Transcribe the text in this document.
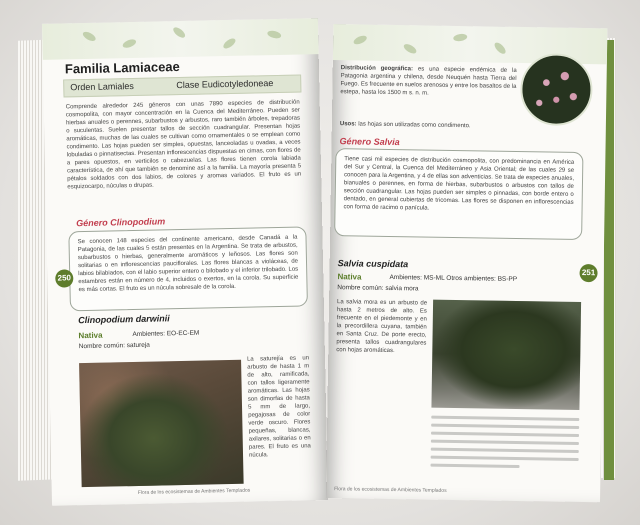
Familia Lamiaceae
Orden Lamiales	Clase Eudicotyledoneae
Comprende alrededor 245 géneros con unas 7890 especies de distribución cosmopolita, con mayor concentración en la Cuenca del Mediterráneo. Pueden ser hierbas anuales o perennes, subarbustos y arbustos, raro también árboles, trepadoras o suculentas. Suelen presentar tallos de sección cuadrangular. Presentan hojas aromáticas, muchas de las cuales se cultivan como ornamentales o se emplean como condimento. Las hojas pueden ser simples, opuestas, lanceoladas u ovadas, a veces lobuladas o pinnatisectas. Presentan inflorescencias dispuestas en cimas, con flores de a pares opuestos, en verticilos o cabezuelas. Las flores tienen corola labiada característica, de ahí que también se denomine así a la familia. La mayoría presenta 5 pétalos soldados con dos labios, de colores y aromas variados. El fruto es un esquizocarpo, núculas o drupas.
Género Clinopodium
Se conocen 148 especies del continente americano, desde Canadá a la Patagonia, de las cuales 5 están presentes en la Argentina. Se trata de arbustos, subarbustos o hierbas, generalmente aromáticos y leñosos. Las flores son solitarias o en inflorescencias pauciflorales. Las flores blancas a violáceas, de labios bilabiados, con el labio superior entero o bilobado y el inferior trilobado. Los estambres están en número de 4, incluidos o exertos, en la corola. Su superficie es más cortas. El fruto es un núcula sobresale de la corola.
250
Clinopodium darwinii
Nativa	Ambientes: EO-EC-EM
Nombre común: satureja
La saturejía es un arbusto de hasta 1 m de alto, ramificada, con tallos ligeramente aromáticas. Las hojas son dimorfas de hasta 5 mm de largo, pegajosas de color verde oscuro. Flores pequeñas, blancas, axilares, solitarias o en pares. El fruto es una núcula.
Flora de los ecosistemas de Ambientes Templados
Distribución geográfica: es una especie endémica de la Patagonia argentina y chilena, desde Neuquén hasta Tierra del Fuego. Es frecuente en suelos arenosos y entre los basaltos de la estepa, hasta los 1500 m s. n. m.
Usos: las hojas son utilizadas como condimento.
Género Salvia
Tiene casi mil especies de distribución cosmopolita, con predominancia en América del Sur y Central, la Cuenca del Mediterráneo y Asia Oriental; de las cuales 29 se conocen para la Argentina, y 4 de ellas son adventicias. Se trata de especies anuales, bianuales o perennes, en forma de hierbas, subarbustos o arbustos con tallos de sección cuadrangular. Las hojas pueden ser simples o pinnadas, con borde entero o dentado, en general cubiertas de tricomas. Las flores se disponen en inflorescencias con forma de racimo o panícula.
251
Salvia cuspidata
Nativa	Ambientes: MS-ML Otros ambientes: BS-PP
Nombre común: salvia mora
La salvia mora es un arbusto de hasta 2 metros de alto. Es frecuente en el piedemonte y en la precordillera cuyana, también en Santa Cruz. De porte erecto, presenta tallos cuadrangulares con hojas aromáticas.
Flora de los ecosistemas de Ambientes Templados
